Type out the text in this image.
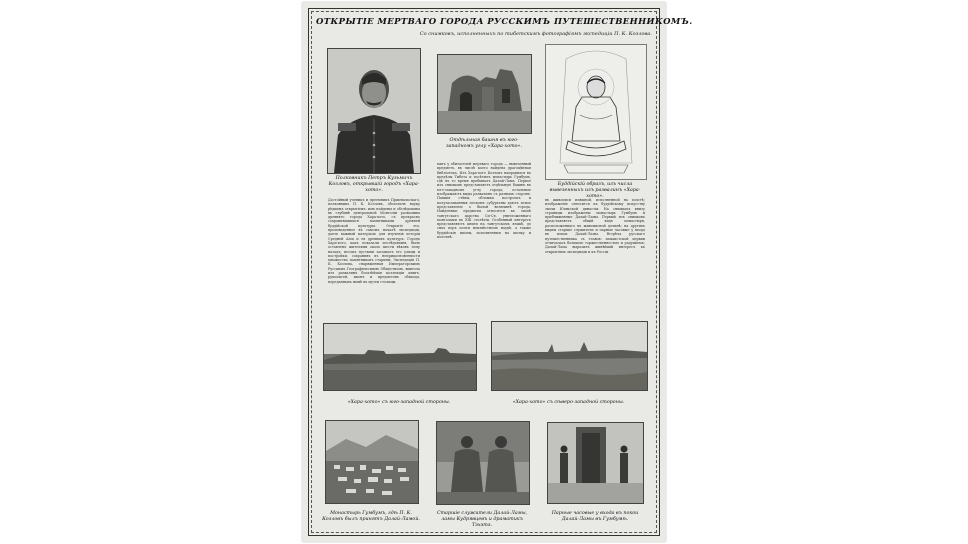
ОТКРЫТІЕ МЕРТВАГО ГОРОДА РУССКИМЪ ПУТЕШЕСТВЕННИКОМЪ.
Со снимковъ, исполненныхъ по тибетскимъ фотографіямъ экспедиціи П. К. Козлова.
Полковникъ Петръ Кузьмичъ Козловъ, открывшій городъ «Хара-хото».
Отдѣльная башня въ юго-западномъ углу «Хара-хото».
Буддійскій образъ, изъ числа вывезенныхъ изъ развалинъ «Хара-хото».
Достойный ученикъ и преемникъ Пржевальскаго, полковникъ П. К. Козловъ, обогатилъ науку рѣдкимъ открытіемъ: имъ найдены и обслѣдованы въ глубинѣ центральной Монголіи развалины древняго города Хара-хото, съ прекрасно сохранившимися памятниками древней буддійской культуры. Открытіе это, произведенное въ самомъ началѣ экспедиціи, даетъ важный матеріалъ для изученія исторіи Средней Азіи и ея древнихъ культуръ. Городъ Хара-хото, какъ показали изслѣдованія, былъ оставленъ жителями около шести вѣковъ тому назадъ; песокъ пустыни засыпалъ его улицы и постройки, сохранивъ въ неприкосновенности множество памятниковъ старины. Экспедиція П. К. Козлова, снаряженная Императорскимъ Русскимъ Географическимъ Обществомъ, вывезла изъ развалинъ богатѣйшія коллекціи книгъ, рукописей, иконъ и предметовъ обихода, переданныхъ нынѣ въ музеи столицы.
мигъ у обитателей мертваго города — вывезенный предметъ, въ числѣ коего найдена драгоцѣнная библіотека. Изъ Хара-хото Козловъ направился въ предѣлы Тибета и посѣтилъ монастырь Гумбумъ, гдѣ въ то время пребывалъ Далай-Лама. Первое изъ снимковъ представляетъ отдѣльную башню въ юго-западномъ углу города; остальные изображаютъ виды развалинъ съ разныхъ сторонъ. Павшія стѣны, обломки построекъ и полузасыпанныя пескомъ субурганы даютъ ясное представленіе о былой величинѣ города. Найденные предметы относятся къ эпохѣ тангутскаго царства Си-Ся, уничтоженнаго монголами въ XIII столѣтіи. Особенный интересъ представляютъ книги на тангутскомъ языкѣ, до сихъ поръ почти неизвѣстномъ наукѣ, а также буддійскія иконы, исполненныя на шелку и полотнѣ.
въ живописи изящной, исполненной на холстѣ; изображеніе относится къ буддійскому искусству эпохи Юаньской династіи. На снимкахъ внизу страницы изображены монастырь Гумбумъ и приближенные Далай-Ламы. Первый изъ снимковъ представляетъ общій видъ монастыря, расположеннаго въ живописной долинѣ; на другихъ видны старшіе служители и парные часовые у входа въ покои Далай-Ламы. Встрѣча русскаго путешественника съ главою ламаистской церкви отличалась большою торжественностью и радушіемъ; Далай-Лама выразилъ живѣйшій интересъ къ открытіямъ экспедиціи и къ Россіи.
«Хара-хото» съ юго-западной стороны.	«Хара-хото» съ сѣверо-западной стороны.
Монастырь Гумбумъ, гдѣ П. К. Козловъ былъ принятъ Далай-Ламой.
Старшіе служители Далай-Ламы, ламы Кудрявцевъ и драматикъ Тэхэтэ.
Парные часовые у входа въ покои Далай-Ламы въ Гумбумѣ.
